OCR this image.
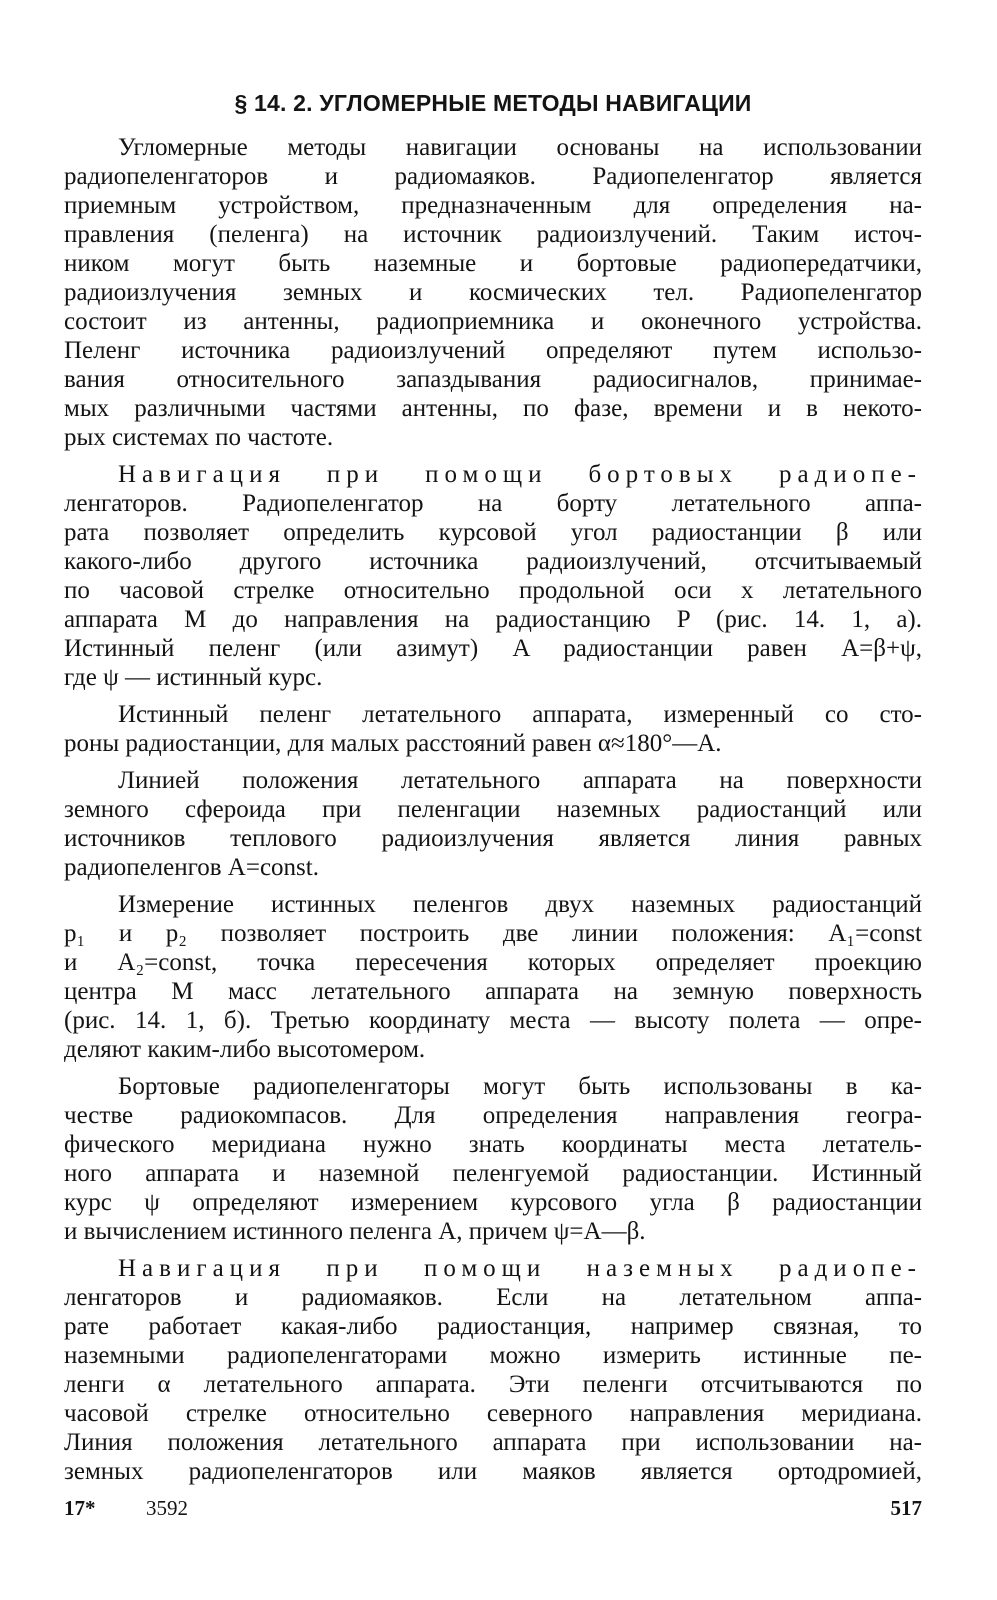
§ 14. 2. УГЛОМЕРНЫЕ МЕТОДЫ НАВИГАЦИИ
Угломерные методы навигации основаны на использовании
радиопеленгаторов и радиомаяков. Радиопеленгатор является
приемным устройством, предназначенным для определения на-
правления (пеленга) на источник радиоизлучений. Таким источ-
ником могут быть наземные и бортовые радиопередатчики,
радиоизлучения земных и космических тел. Радиопеленгатор
состоит из антенны, радиоприемника и оконечного устройства.
Пеленг источника радиоизлучений определяют путем использо-
вания относительного запаздывания радиосигналов, принимае-
мых различными частями антенны, по фазе, времени и в некото-
рых системах по частоте.
Навигация при помощи бортовых радиопе-
ленгаторов. Радиопеленгатор на борту летательного аппа-
рата позволяет определить курсовой угол радиостанции β или
какого-либо другого источника радиоизлучений, отсчитываемый
по часовой стрелке относительно продольной оси x летательного
аппарата M до направления на радиостанцию P (рис. 14. 1, a).
Истинный пеленг (или азимут) A радиостанции равен A=β+ψ,
где ψ — истинный курс.
Истинный пеленг летательного аппарата, измеренный со сто-
роны радиостанции, для малых расстояний равен α≈180°—A.
Линией положения летательного аппарата на поверхности
земного сфероида при пеленгации наземных радиостанций или
источников теплового радиоизлучения является линия равных
радиопеленгов A=const.
Измерение истинных пеленгов двух наземных радиостанций
p₁ и p₂ позволяет построить две линии положения: A₁=const
и A₂=const, точка пересечения которых определяет проекцию
центра M масс летательного аппарата на земную поверхность
(рис. 14. 1, б). Третью координату места — высоту полета — опре-
деляют каким-либо высотомером.
Бортовые радиопеленгаторы могут быть использованы в ка-
честве радиокомпасов. Для определения направления геогра-
фического меридиана нужно знать координаты места летатель-
ного аппарата и наземной пеленгуемой радиостанции. Истинный
курс ψ определяют измерением курсового угла β радиостанции
и вычислением истинного пеленга A, причем ψ=A—β.
Навигация при помощи наземных радиопе-
ленгаторов и радиомаяков. Если на летательном аппа-
рате работает какая-либо радиостанция, например связная, то
наземными радиопеленгаторами можно измерить истинные пе-
ленги α летательного аппарата. Эти пеленги отсчитываются по
часовой стрелке относительно северного направления меридиана.
Линия положения летательного аппарата при использовании на-
земных радиопеленгаторов или маяков является ортодромией,
17* 3592	517
